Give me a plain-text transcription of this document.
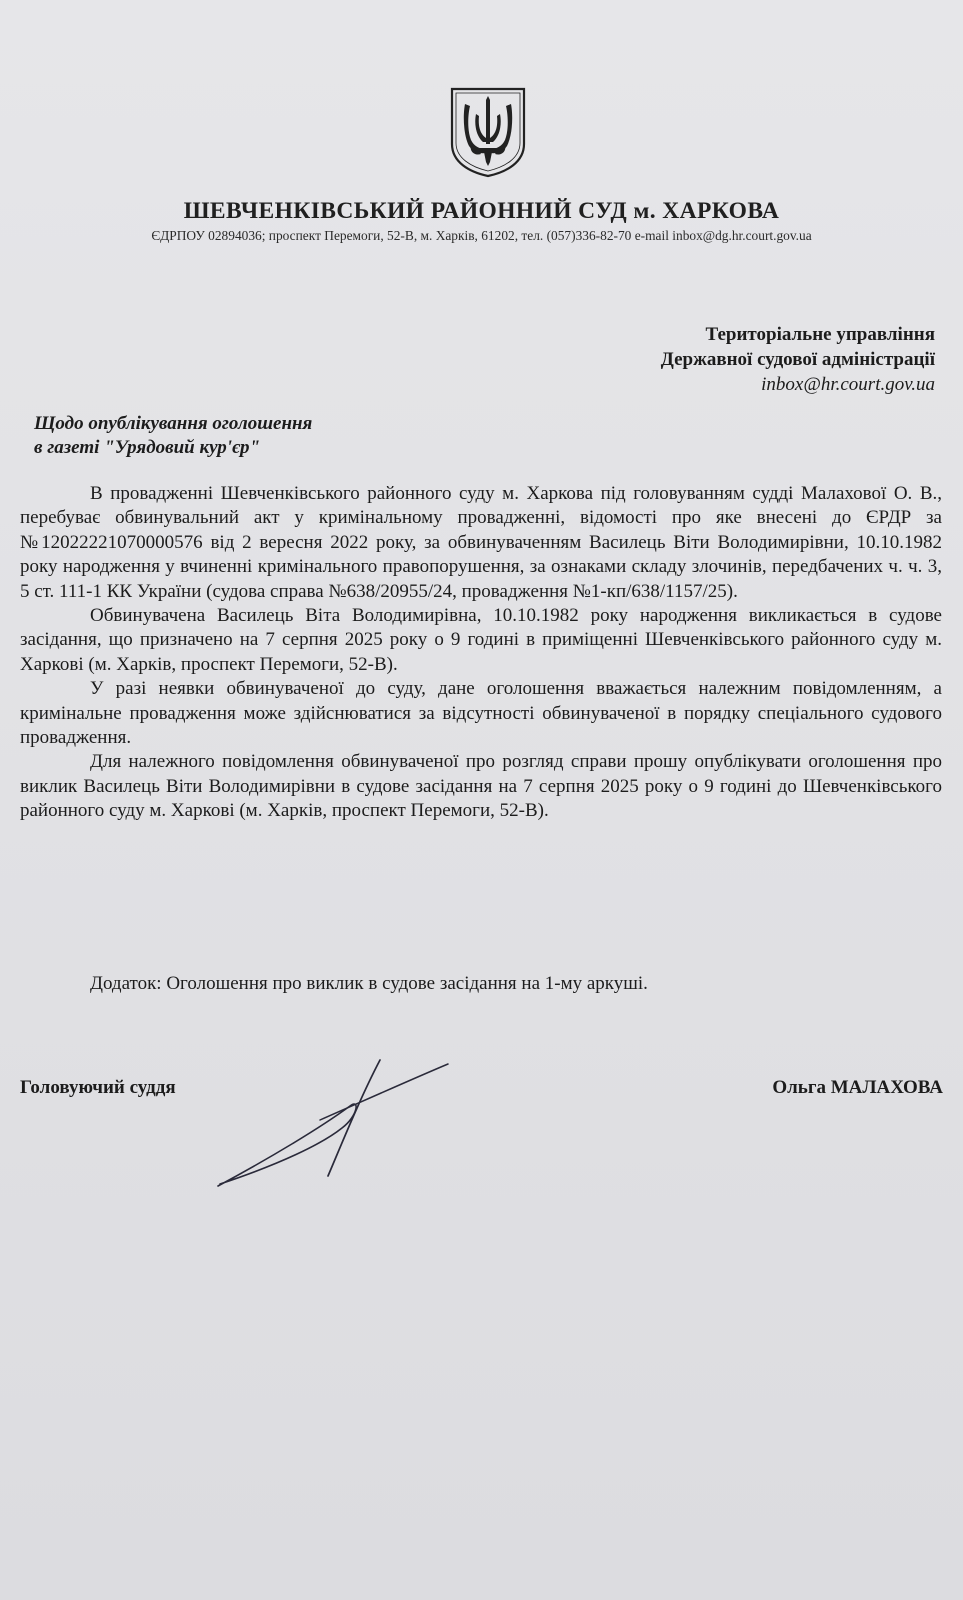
ШЕВЧЕНКІВСЬКИЙ РАЙОННИЙ СУД м. ХАРКОВА
ЄДРПОУ 02894036; проспект Перемоги, 52-В, м. Харків, 61202, тел. (057)336-82-70 e-mail inbox@dg.hr.court.gov.ua
Територіальне управління
Державної судової адміністрації
inbox@hr.court.gov.ua
Щодо опублікування оголошення
в газеті "Урядовий кур'єр"

В провадженні Шевченківського районного суду м. Харкова під головуванням судді Малахової О. В., перебуває обвинувальний акт у кримінальному провадженні, відомості про яке внесені до ЄРДР за №12022221070000576 від 2 вересня 2022 року, за обвинуваченням Василець Віти Володимирівни, 10.10.1982 року народження у вчиненні кримінального правопорушення, за ознаками складу злочинів, передбачених ч. ч. 3, 5 ст. 111-1 КК України (судова справа №638/20955/24, провадження №1-кп/638/1157/25).

Обвинувачена Василець Віта Володимирівна, 10.10.1982 року народження викликається в судове засідання, що призначено на 7 серпня 2025 року о 9 годині в приміщенні Шевченківського районного суду м. Харкові (м. Харків, проспект Перемоги, 52-В).

У разі неявки обвинуваченої до суду, дане оголошення вважається належним повідомленням, а кримінальне провадження може здійснюватися за відсутності обвинуваченої в порядку спеціального судового провадження.

Для належного повідомлення обвинуваченої про розгляд справи прошу опублікувати оголошення про виклик Василець Віти Володимирівни в судове засідання на 7 серпня 2025 року о 9 годині до Шевченківського районного суду м. Харкові (м. Харків, проспект Перемоги, 52-В).

Додаток: Оголошення про виклик в судове засідання на 1-му аркуші.
Головуючий суддя	Ольга МАЛАХОВА
